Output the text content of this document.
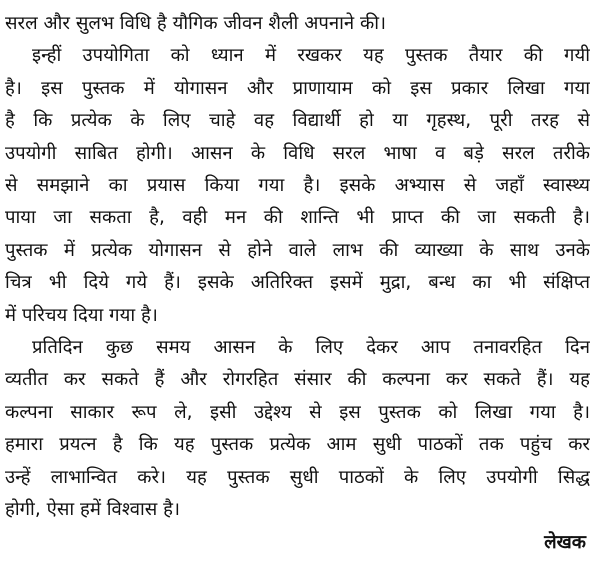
सरल और सुलभ विधि है यौगिक जीवन शैली अपनाने की।
इन्हीं उपयोगिता को ध्यान में रखकर यह पुस्तक तैयार की गयी
है। इस पुस्तक में योगासन और प्राणायाम को इस प्रकार लिखा गया
है कि प्रत्येक के लिए चाहे वह विद्यार्थी हो या गृहस्थ, पूरी तरह से
उपयोगी साबित होगी। आसन के विधि सरल भाषा व बड़े सरल तरीके
से समझाने का प्रयास किया गया है। इसके अभ्यास से जहाँ स्वास्थ्य
पाया जा सकता है, वही मन की शान्ति भी प्राप्त की जा सकती है।
पुस्तक में प्रत्येक योगासन से होने वाले लाभ की व्याख्या के साथ उनके
चित्र भी दिये गये हैं। इसके अतिरिक्त इसमें मुद्रा, बन्ध का भी संक्षिप्त
में परिचय दिया गया है।
प्रतिदिन कुछ समय आसन के लिए देकर आप तनावरहित दिन
व्यतीत कर सकते हैं और रोगरहित संसार की कल्पना कर सकते हैं। यह
कल्पना साकार रूप ले, इसी उद्देश्य से इस पुस्तक को लिखा गया है।
हमारा प्रयत्न है कि यह पुस्तक प्रत्येक आम सुधी पाठकों तक पहुंच कर
उन्हें लाभान्वित करे। यह पुस्तक सुधी पाठकों के लिए उपयोगी सिद्ध
होगी, ऐसा हमें विश्वास है।
लेखक
